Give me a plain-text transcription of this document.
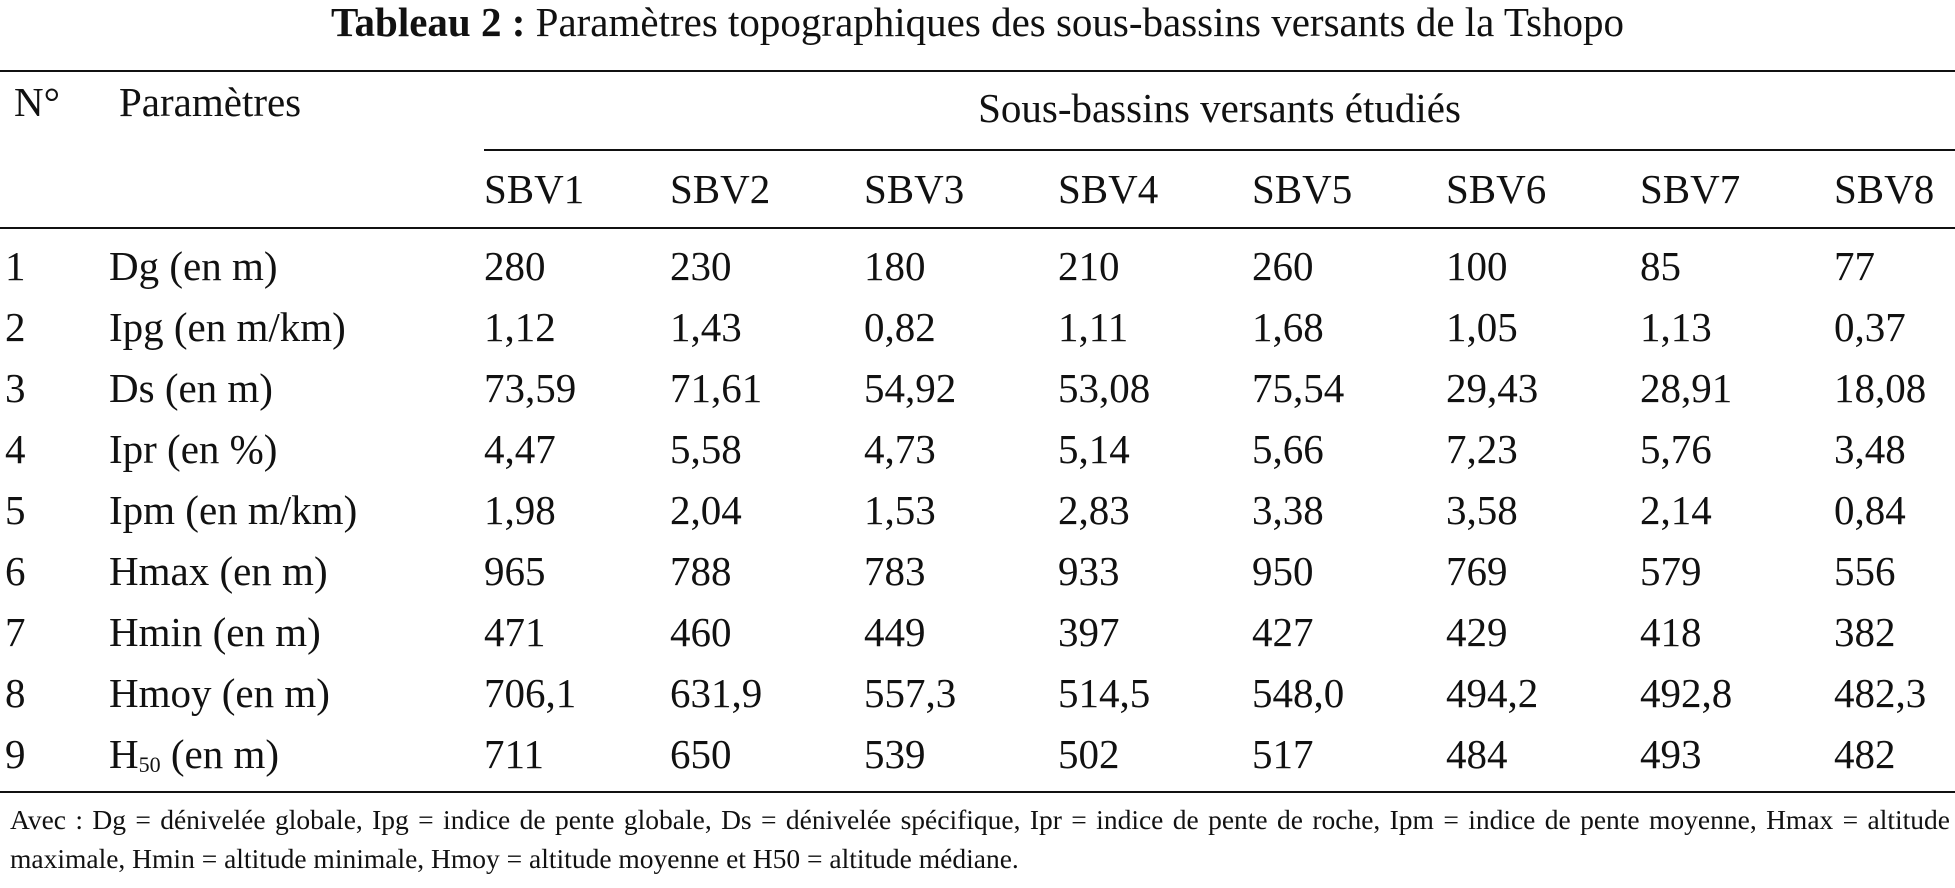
Tableau 2 : Paramètres topographiques des sous-bassins versants de la Tshopo
N° Paramètres	Sous-bassins versants étudiés
SBV1 SBV2 SBV3 SBV4 SBV5 SBV6 SBV7 SBV8
1 Dg (en m)	280	230	180	210	260	100	85	77
2 Ipg (en m/km)	1,12	1,43	0,82	1,11	1,68	1,05	1,13	0,37
3 Ds (en m)	73,59 71,61 54,92 53,08 75,54 29,43 28,91 18,08
4 Ipr (en %)	4,47	5,58	4,73	5,14	5,66	7,23	5,76	3,48
5 Ipm (en m/km)	1,98	2,04	1,53	2,83	3,38	3,58	2,14	0,84
6 Hmax (en m)	965	788	783	933	950	769	579	556
7 Hmin (en m)	471	460	449	397	427	429	418	382
8 Hmoy (en m)	706,1 631,9 557,3 514,5 548,0 494,2 492,8 482,3
9 H50 (en m)	711	650	539	502	517	484	493	482
Avec : Dg = dénivelée globale, Ipg = indice de pente globale, Ds = dénivelée spécifique, Ipr = indice de pente de roche, Ipm = indice de pente moyenne, Hmax = altitude maximale, Hmin = altitude minimale, Hmoy = altitude moyenne et H50 = altitude médiane.
